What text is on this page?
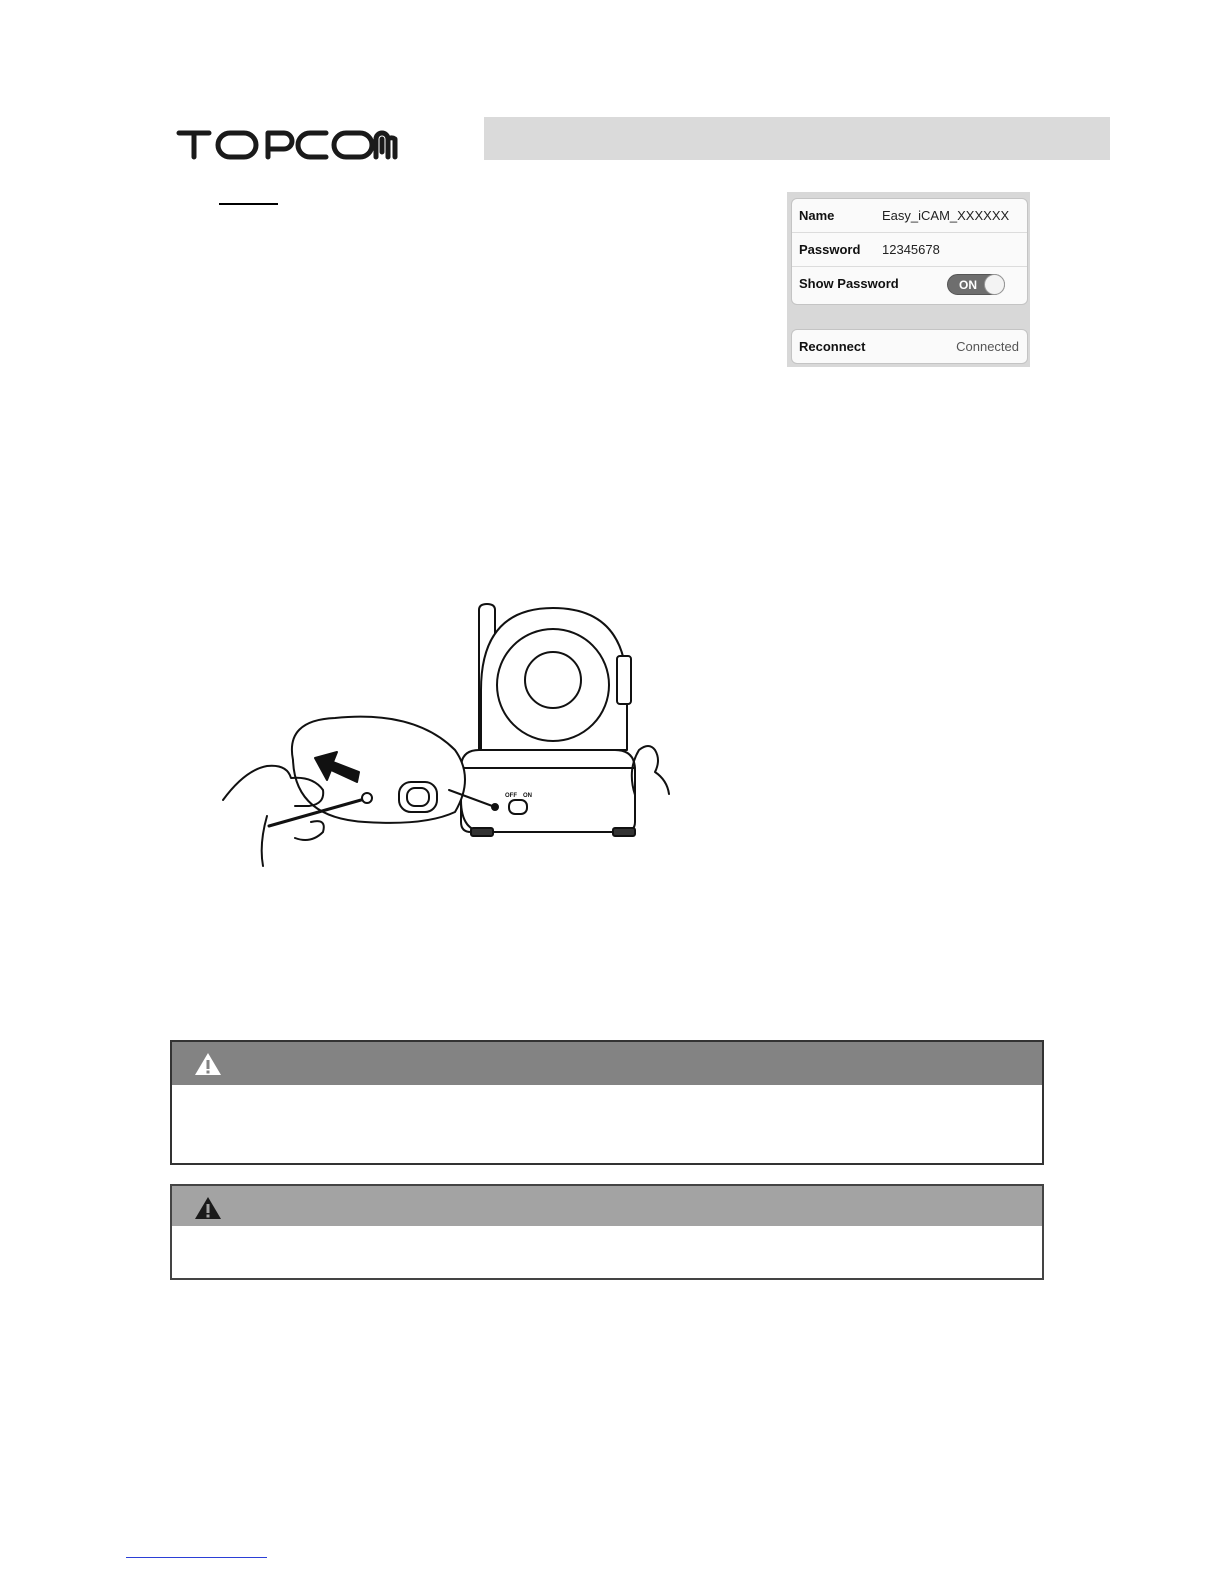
Name	Easy_iCAM_XXXXXX
Password 12345678
Show Password	ON
Reconnect	Connected
OFF ON
